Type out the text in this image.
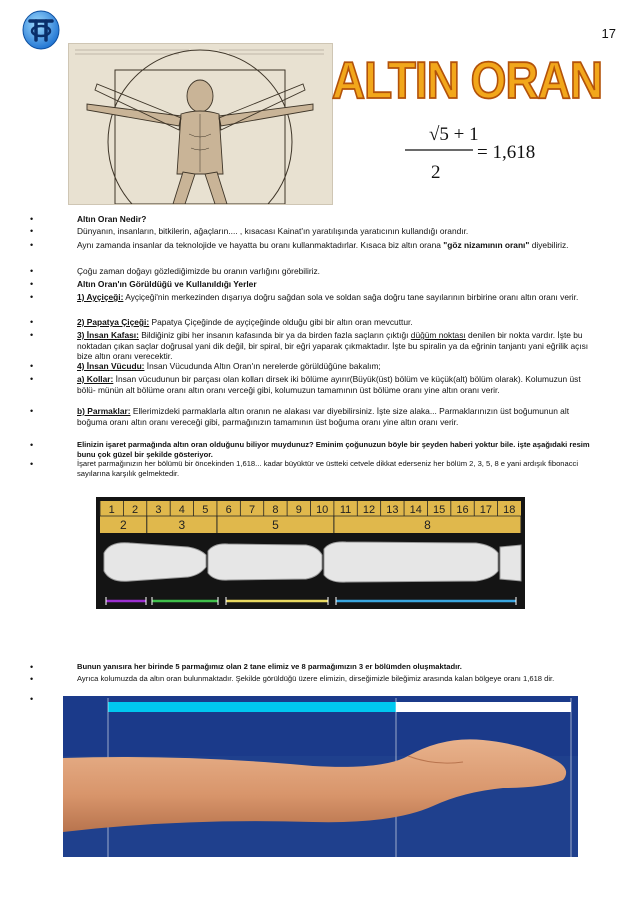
17
ALTIN ORAN
√5 + 1
2
= 1,618
•	Altın Oran Nedir?
•	Dünyanın, insanların, bitkilerin, ağaçların.... , kısacası Kainat'ın yaratılışında yaratıcının kullandığı orandır.
•	Aynı zamanda insanlar da teknolojide ve hayatta bu oranı kullanmaktadırlar. Kısaca biz altın orana "göz nizamının oranı" diyebiliriz.
•	Çoğu zaman doğayı gözlediğimizde bu oranın varlığını görebiliriz.
•	Altın Oran'ın Görüldüğü ve Kullanıldığı Yerler
•	1) Ayçiçeği: Ayçiçeği'nin merkezinden dışarıya doğru sağdan sola ve soldan sağa doğru tane sayılarının birbirine oranı altın oranı verir.
•	2) Papatya Çiçeği: Papatya Çiçeğinde de ayçiçeğinde olduğu gibi bir altın oran mevcuttur.
•	3) İnsan Kafası: Bildiğiniz gibi her insanın kafasında bir ya da birden fazla saçların çıktığı düğüm noktası denilen bir nokta vardır. İşte bu noktadan çıkan saçlar doğrusal yani dik değil, bir spiral, bir eğri yaparak çıkmaktadır. İşte bu spiralin ya da eğrinin tanjantı yani eğrilik açısı bize altın oranı verecektir.
•	4) İnsan Vücudu: İnsan Vücudunda Altın Oran'ın nerelerde görüldüğüne bakalım;
•	a) Kollar: İnsan vücudunun bir parçası olan kolları dirsek iki bölüme ayırır(Büyük(üst) bölüm ve küçük(alt) bölüm olarak). Kolumuzun üst bölü- münün alt bölüme oranı altın oranı verceği gibi, kolumuzun tamamının üst bölüme oranı yine altın oranı verir.
•	b) Parmaklar: Ellerimizdeki parmaklarla altın oranın ne alakası var diyebilirsiniz. İşte size alaka... Parmaklarınızın üst boğumunun alt boğuma oranı altın oranı vereceği gibi, parmağınızın tamamının üst boğuma oranı yine altın oranı verir.
•	Elinizin işaret parmağında altın oran olduğunu biliyor muydunuz? Eminim çoğunuzun böyle bir şeyden haberi yoktur bile. işte aşağıdaki resim bunu çok güzel bir şekilde gösteriyor.
•	İşaret parmağınızın her bölümü bir öncekinden 1,618... kadar büyüktür ve üstteki cetvele dikkat ederseniz her bölüm 2, 3, 5, 8 e yani ardışık fibonacci sayılarına karşılık gelmektedir.
•	Bunun yanısıra her birinde 5 parmağımız olan 2 tane elimiz ve 8 parmağımızın 3 er bölümden oluşmaktadır.
•	Ayrıca kolumuzda da altın oran bulunmaktadır. Şekilde görüldüğü üzere elimizin, dirseğimizle bileğimiz arasında kalan bölgeye oranı 1,618 dir.
•
1 2 3 4 5 6 7 8 9 10 11 12 13 14 15 16 17 18
2	3	5	8
